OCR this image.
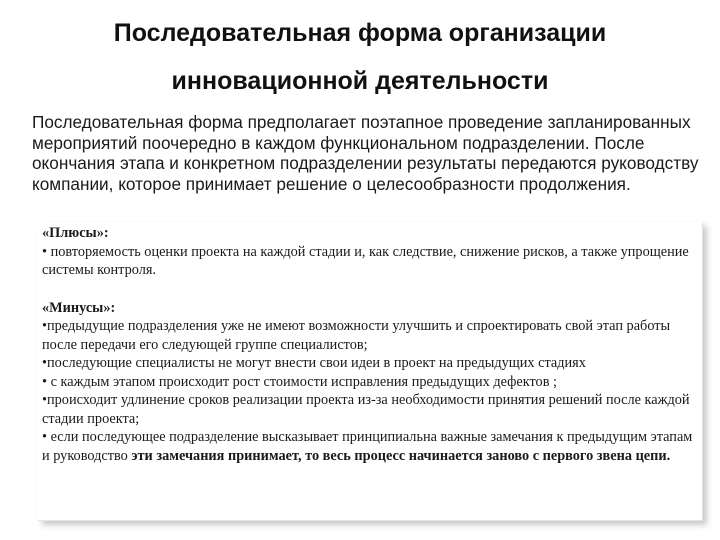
Последовательная форма организации
инновационной деятельности

Последовательная форма предполагает поэтапное проведение запланированных мероприятий поочередно в каждом функциональном подразделении. После окончания этапа и конкретном подразделении результаты передаются руководству компании, которое принимает решение о целесообразности продолжения.

«Плюсы»:

• повторяемость оценки проекта на каждой стадии и, как следствие, снижение рисков, а также упрощение системы контроля.

«Минусы»:

•предыдущие подразделения уже не имеют возможности улучшить и спроектировать свой этап работы после передачи его следующей группе специалистов;

•последующие специалисты не могут внести свои идеи в проект на предыдущих стадиях

• с каждым этапом происходит рост стоимости исправления предыдущих дефектов ;

•происходит удлинение сроков реализации проекта из-за необходимости принятия решений после каждой стадии проекта;

• если последующее подразделение высказывает принципиальна важные замечания к предыдущим этапам и руководство эти замечания принимает, то весь процесс начинается заново с первого звена цепи.
